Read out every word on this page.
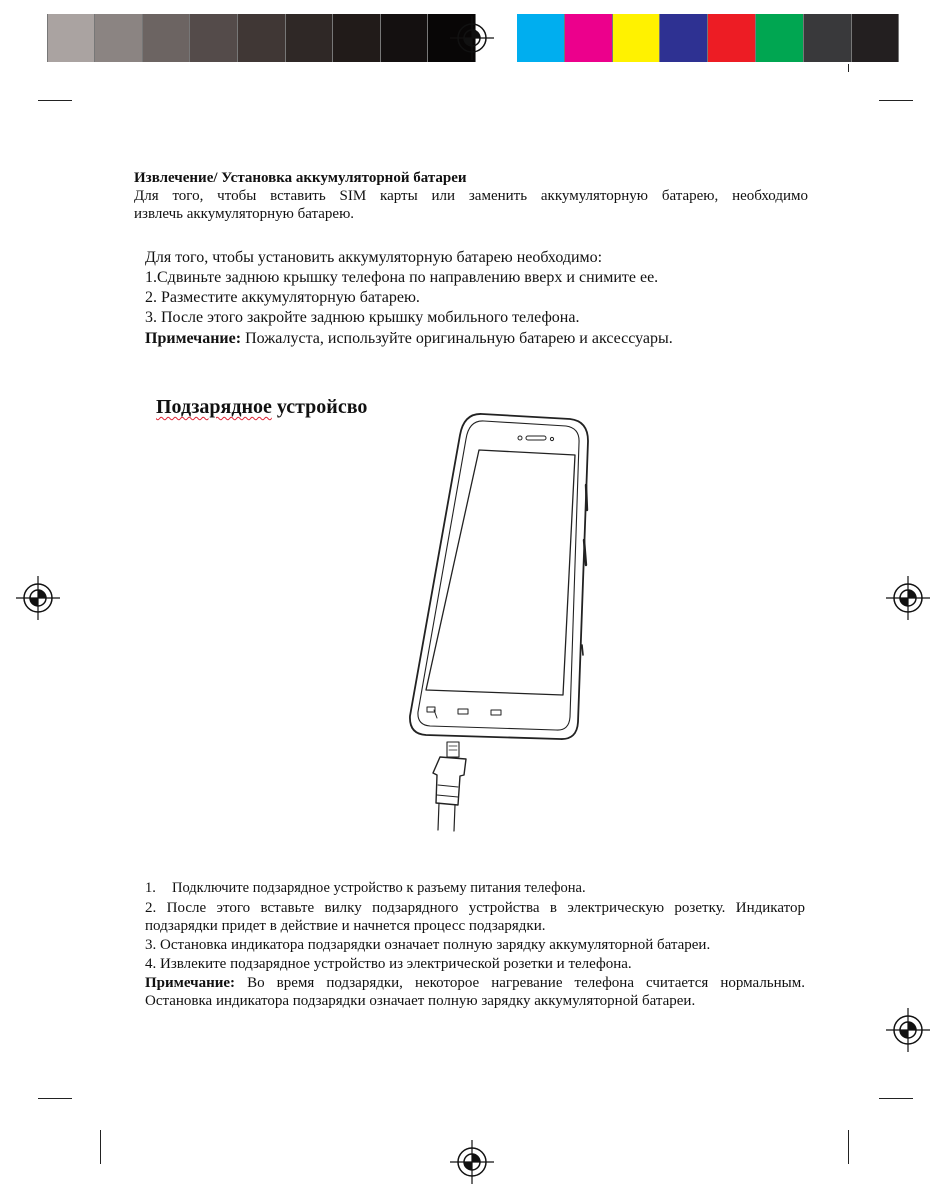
Извлечение/ Установка аккумуляторной батареи
Для того, чтобы вставить SIM карты или заменить аккумуляторную батарею, необходимо
извлечь аккумуляторную батарею.
Для того, чтобы установить аккумуляторную батарею необходимо:
1.Сдвиньте заднюю крышку телефона по направлению вверх и снимите ее.
2. Разместите аккумуляторную батарею.
3. После этого закройте заднюю крышку мобильного телефона.
Примечание: Пожалуста, используйте оригинальную батарею и аксессуары.
Подзарядное устройсво
1. Подключите подзарядное устройство к разъему питания телефона.
2. После этого вставьте вилку подзарядного устройства в электрическую розетку. Индикатор
подзарядки придет в действие и начнется процесс подзарядки.
3. Остановка индикатора подзарядки означает полную зарядку аккумуляторной батареи.
4. Извлеките подзарядное устройство из электрической розетки и телефона.
Примечание: Во время подзарядки, некоторое нагревание телефона считается нормальным.
Остановка индикатора подзарядки означает полную зарядку аккумуляторной батареи.
